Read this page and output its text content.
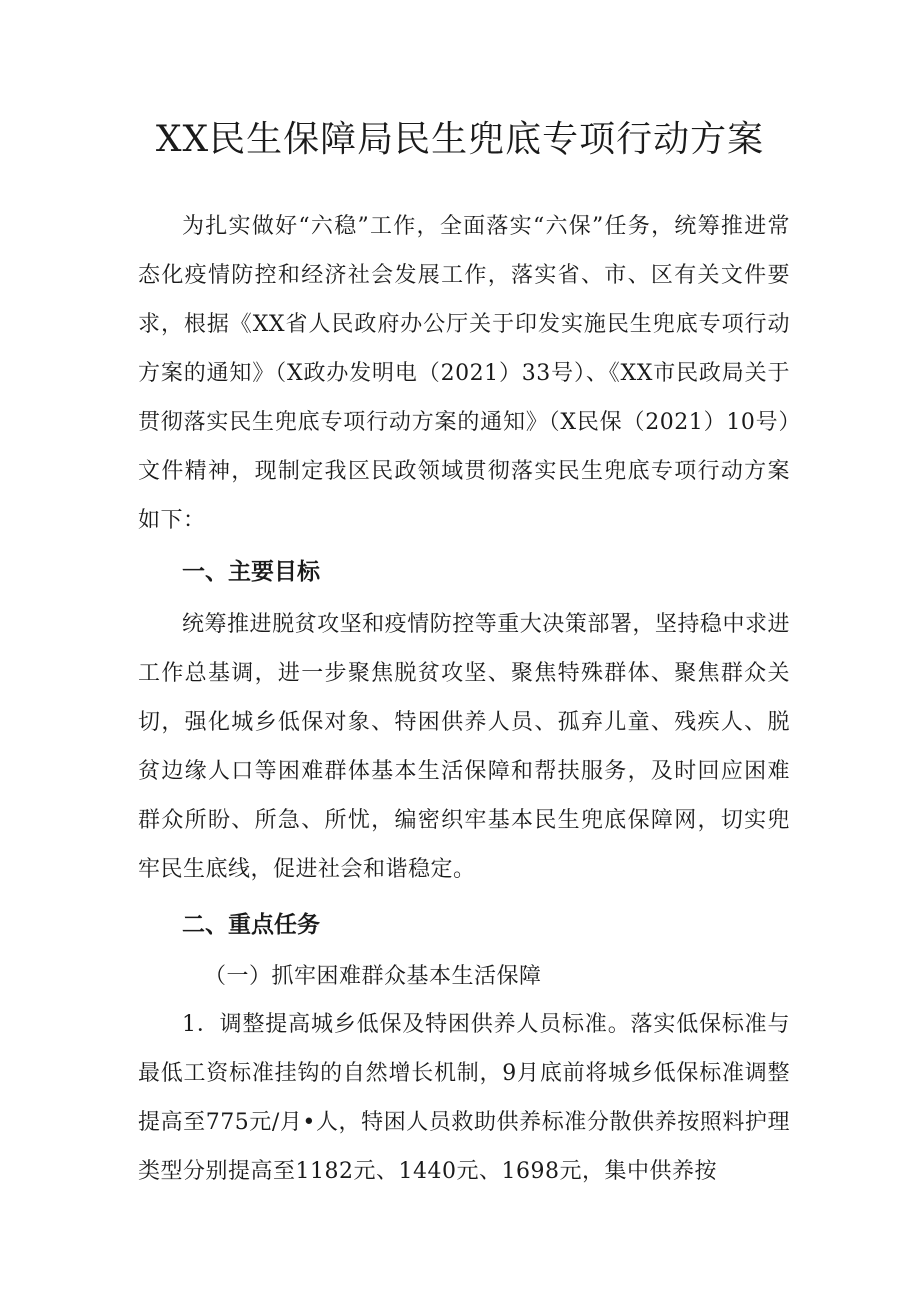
XX民生保障局民生兜底专项行动方案

为扎实做好“六稳”工作，全面落实“六保”任务，统筹推进常态化疫情防控和经济社会发展工作，落实省、市、区有关文件要求，根据《XX省人民政府办公厅关于印发实施民生兜底专项行动方案的通知》（X政办发明电（2021）33号）、《XX市民政局关于贯彻落实民生兜底专项行动方案的通知》（X民保（2021）10号）文件精神，现制定我区民政领域贯彻落实民生兜底专项行动方案如下：

一、主要目标

统筹推进脱贫攻坚和疫情防控等重大决策部署，坚持稳中求进工作总基调，进一步聚焦脱贫攻坚、聚焦特殊群体、聚焦群众关切，强化城乡低保对象、特困供养人员、孤弃儿童、残疾人、脱贫边缘人口等困难群体基本生活保障和帮扶服务，及时回应困难群众所盼、所急、所忧，编密织牢基本民生兜底保障网，切实兜牢民生底线，促进社会和谐稳定。

二、重点任务

（一）抓牢困难群众基本生活保障

1．调整提高城乡低保及特困供养人员标准。落实低保标准与最低工资标准挂钩的自然增长机制，9月底前将城乡低保标准调整提高至775元/月•人，特困人员救助供养标准分散供养按照料护理类型分别提高至1182元、1440元、1698元，集中供养按
